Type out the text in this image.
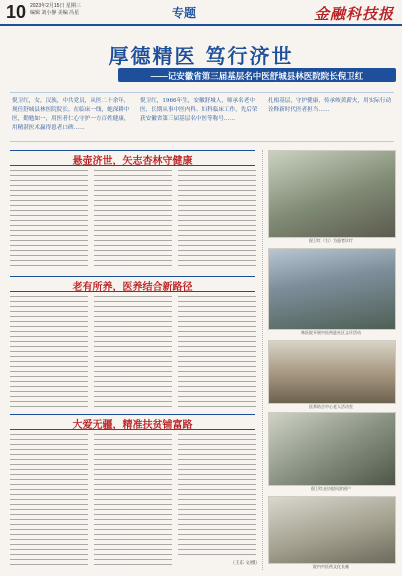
10 2023年2月15日 星期三
编辑 刘小静 美编 冯星	专题	金融科技报
厚德精医 笃行济世
——记安徽省第三届基层名中医舒城县林医院院长倪卫红
倪卫红，女，汉族，中共党员，从医二十余年，现任舒城县林医院院长。在临床一线，她深耕中医，勤勉如一，用医者仁心守护一方百姓健康，用精湛医术赢得患者口碑……
倪卫红，1966年生，安徽舒城人，师承名老中医，长期从事中医内科、妇科临床工作，先后荣获安徽省第三届基层名中医等称号……
扎根基层，守护健康，传承岐黄薪火，用实际行动诠释新时代医者担当……
悬壶济世，矢志杏林守健康
倪卫红（右）为患者诊疗
林医院开展中医药进社区义诊活动
老有所养，医养结合新路径
医养结合中心老人活动室
大爱无疆，精准扶贫铺富路
（王东 文/摄）
倪卫红走访慰问贫困户
院内中医药文化长廊
